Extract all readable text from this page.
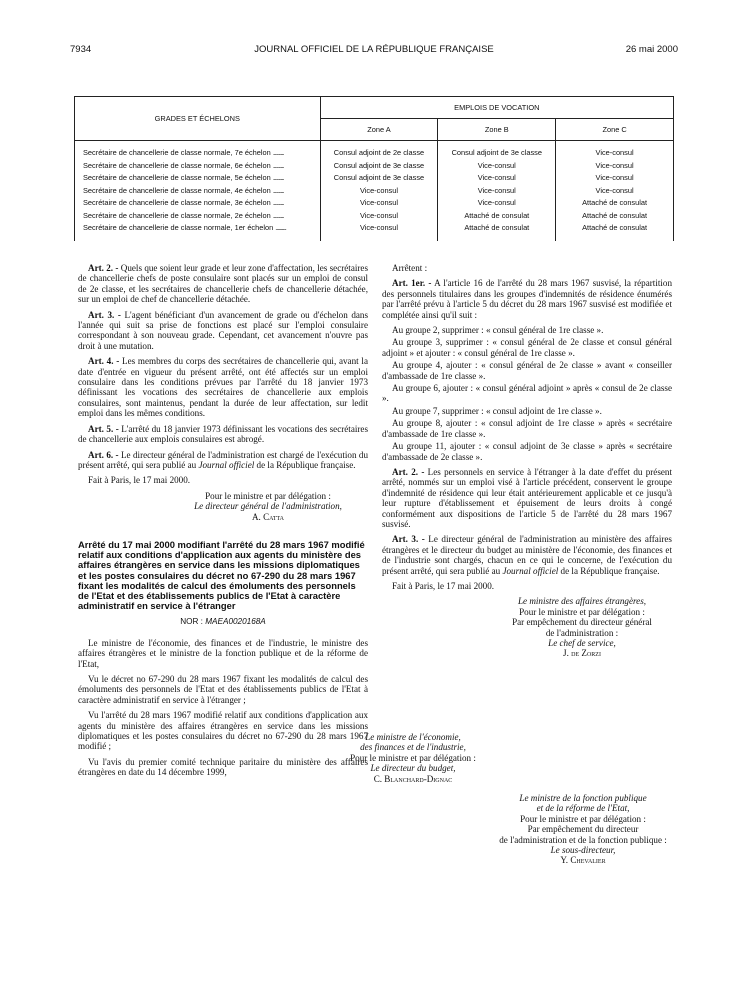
7934	JOURNAL OFFICIEL DE LA RÉPUBLIQUE FRANÇAISE	26 mai 2000
GRADES ET ÉCHELONS	EMPLOIS DE VOCATION		
	Zone A	Zone B	Zone C
Secrétaire de chancellerie de classe normale, 7e échelon ..........	Consul adjoint de 2e classe	Consul adjoint de 3e classe	Vice-consul
Secrétaire de chancellerie de classe normale, 6e échelon ..........	Consul adjoint de 3e classe	Vice-consul	Vice-consul
Secrétaire de chancellerie de classe normale, 5e échelon ..........	Consul adjoint de 3e classe	Vice-consul	Vice-consul
Secrétaire de chancellerie de classe normale, 4e échelon ..........	Vice-consul	Vice-consul	Vice-consul
Secrétaire de chancellerie de classe normale, 3e échelon ..........	Vice-consul	Vice-consul	Attaché de consulat
Secrétaire de chancellerie de classe normale, 2e échelon ..........	Vice-consul	Attaché de consulat	Attaché de consulat
Secrétaire de chancellerie de classe normale, 1er échelon ..........	Vice-consul	Attaché de consulat	Attaché de consulat

Art. 2. - Quels que soient leur grade et leur zone d'affectation, les secrétaires de chancellerie chefs de poste consulaire sont placés sur un emploi de consul de 2e classe, et les secrétaires de chancellerie chefs de chancellerie détachée, sur un emploi de chef de chancellerie détachée.

Art. 3. - L'agent bénéficiant d'un avancement de grade ou d'échelon dans l'année qui suit sa prise de fonctions est placé sur l'emploi consulaire correspondant à son nouveau grade. Cependant, cet avancement n'ouvre pas droit à une mutation.

Art. 4. - Les membres du corps des secrétaires de chancellerie qui, avant la date d'entrée en vigueur du présent arrêté, ont été affectés sur un emploi consulaire dans les conditions prévues par l'arrêté du 18 janvier 1973 définissant les vocations des secrétaires de chancellerie aux emplois consulaires, sont maintenus, pendant la durée de leur affectation, sur ledit emploi dans les mêmes conditions.

Art. 5. - L'arrêté du 18 janvier 1973 définissant les vocations des secrétaires de chancellerie aux emplois consulaires est abrogé.

Art. 6. - Le directeur général de l'administration est chargé de l'exécution du présent arrêté, qui sera publié au Journal officiel de la République française.

Fait à Paris, le 17 mai 2000.

Pour le ministre et par délégation :
Le directeur général de l'administration,
A. Catta
Arrêté du 17 mai 2000 modifiant l'arrêté du 28 mars 1967 modifié relatif aux conditions d'application aux agents du ministère des affaires étrangères en service dans les missions diplomatiques et les postes consulaires du décret no 67-290 du 28 mars 1967 fixant les modalités de calcul des émoluments des personnels de l'Etat et des établissements publics de l'Etat à caractère administratif en service à l'étranger
NOR : MAEA0020168A

Le ministre de l'économie, des finances et de l'industrie, le ministre des affaires étrangères et le ministre de la fonction publique et de la réforme de l'Etat,

Vu le décret no 67-290 du 28 mars 1967 fixant les modalités de calcul des émoluments des personnels de l'Etat et des établissements publics de l'Etat à caractère administratif en service à l'étranger ;

Vu l'arrêté du 28 mars 1967 modifié relatif aux conditions d'application aux agents du ministère des affaires étrangères en service dans les missions diplomatiques et les postes consulaires du décret no 67-290 du 28 mars 1967 modifié ;

Vu l'avis du premier comité technique paritaire du ministère des affaires étrangères en date du 14 décembre 1999,

Arrêtent :

Art. 1er. - A l'article 16 de l'arrêté du 28 mars 1967 susvisé, la répartition des personnels titulaires dans les groupes d'indemnités de résidence énumérés par l'arrêté prévu à l'article 5 du décret du 28 mars 1967 susvisé est modifiée et complétée ainsi qu'il suit :

Au groupe 2, supprimer : « consul général de 1re classe ».

Au groupe 3, supprimer : « consul général de 2e classe et consul général adjoint » et ajouter : « consul général de 1re classe ».

Au groupe 4, ajouter : « consul général de 2e classe » avant « conseiller d'ambassade de 1re classe ».

Au groupe 6, ajouter : « consul général adjoint » après « consul de 2e classe ».

Au groupe 7, supprimer : « consul adjoint de 1re classe ».

Au groupe 8, ajouter : « consul adjoint de 1re classe » après « secrétaire d'ambassade de 1re classe ».

Au groupe 11, ajouter : « consul adjoint de 3e classe » après « secrétaire d'ambassade de 2e classe ».

Art. 2. - Les personnels en service à l'étranger à la date d'effet du présent arrêté, nommés sur un emploi visé à l'article précédent, conservent le groupe d'indemnité de résidence qui leur était antérieurement applicable et ce jusqu'à leur rupture d'établissement et épuisement de leurs droits à congé conformément aux dispositions de l'article 5 de l'arrêté du 28 mars 1967 susvisé.

Art. 3. - Le directeur général de l'administration au ministère des affaires étrangères et le directeur du budget au ministère de l'économie, des finances et de l'industrie sont chargés, chacun en ce qui le concerne, de l'exécution du présent arrêté, qui sera publié au Journal officiel de la République française.

Fait à Paris, le 17 mai 2000.

Le ministre des affaires étrangères,
Pour le ministre et par délégation :
Par empêchement du directeur général
de l'administration :
Le chef de service,
J. de Zorzi
Le ministre de l'économie,
des finances et de l'industrie,
Pour le ministre et par délégation :
Le directeur du budget,
C. Blanchard-Dignac
Le ministre de la fonction publique
et de la réforme de l'Etat,
Pour le ministre et par délégation :
Par empêchement du directeur
de l'administration et de la fonction publique :
Le sous-directeur,
Y. Chevalier
